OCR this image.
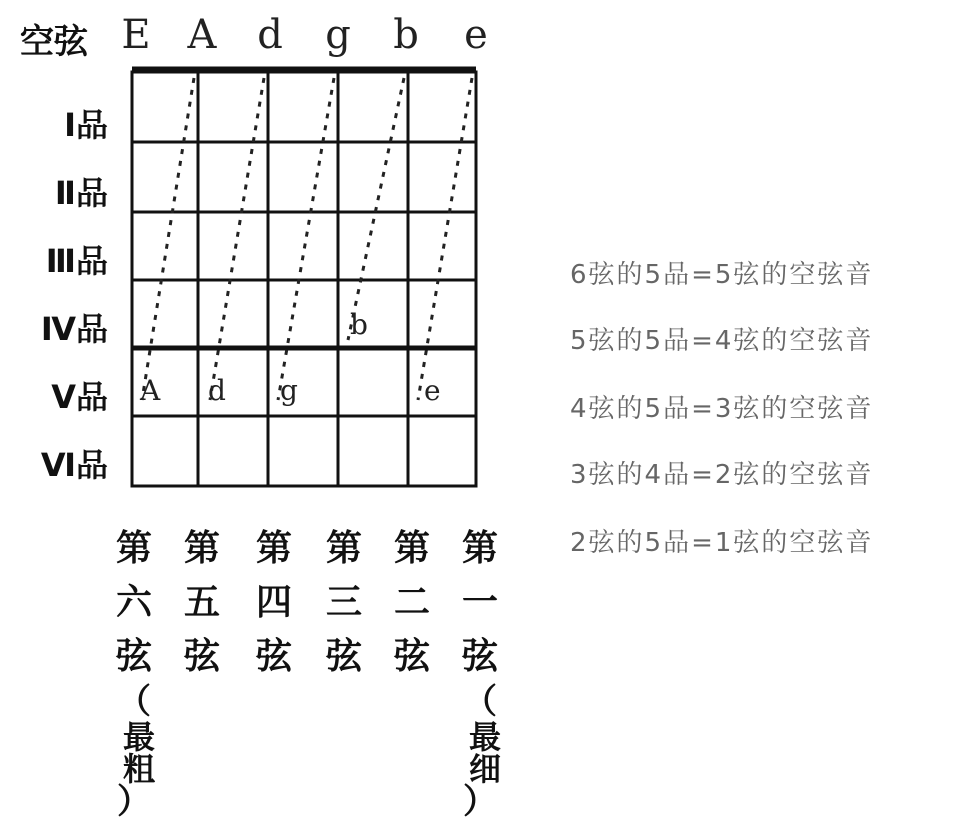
空弦 E A d g b	e
Ⅰ品
Ⅱ品
Ⅲ品
Ⅳ品
Ⅴ品
Ⅵ品
A d g
b
e
第
六
弦
（
最粗
）
第
五
弦
第
四
弦
第
三
弦
第
二
弦
第
一
弦
（
最细
）
6弦的5品=5弦的空弦音
5弦的5品=4弦的空弦音
4弦的5品=3弦的空弦音
3弦的4品=2弦的空弦音
2弦的5品=1弦的空弦音
